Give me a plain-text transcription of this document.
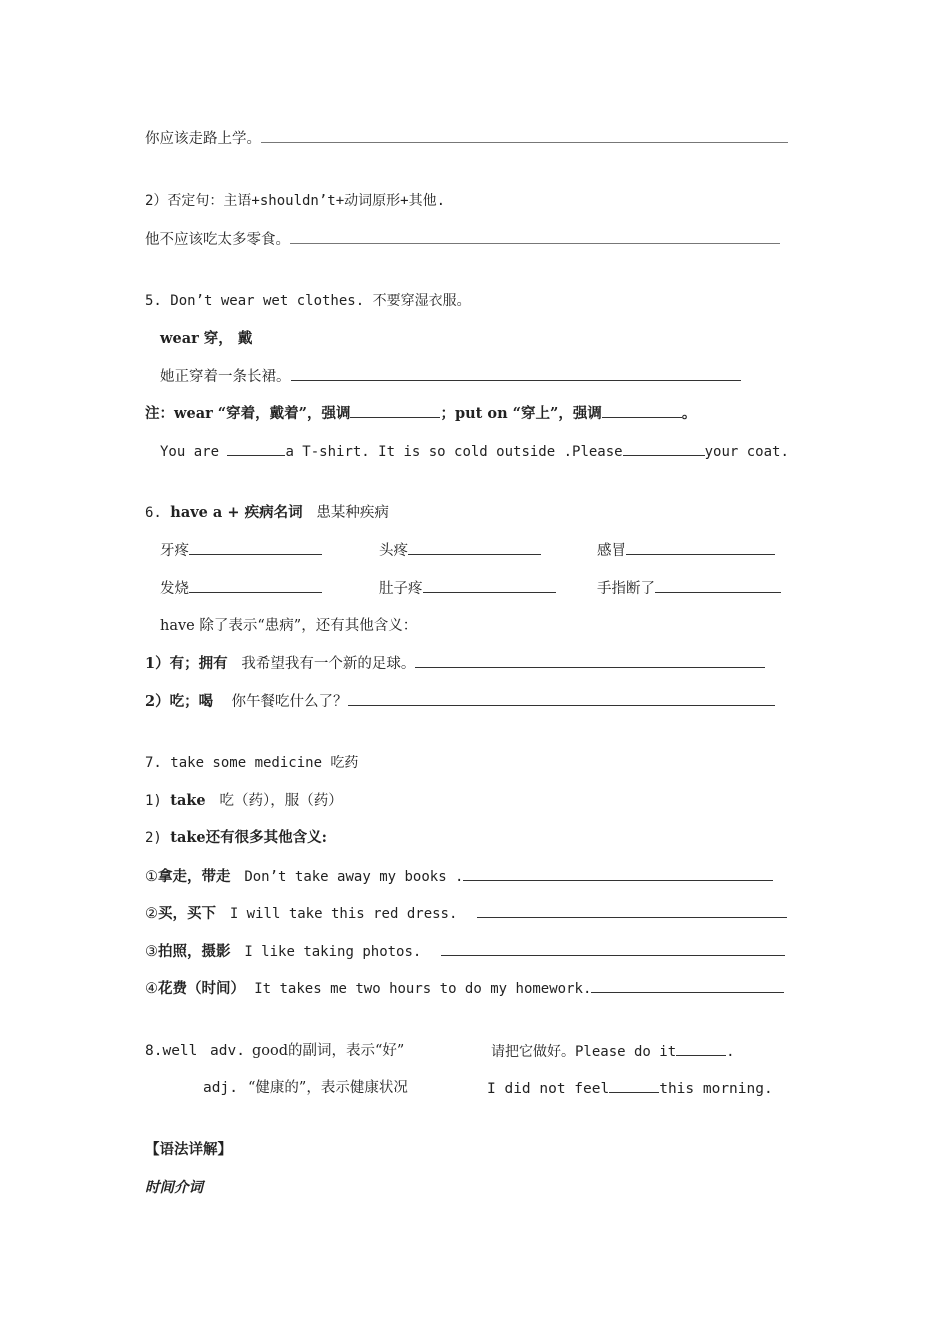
你应该走路上学。
2）否定句：主语+shouldn’t+动词原形+其他.
他不应该吃太多零食。
5. Don’t wear wet clothes. 不要穿湿衣服。
wear 穿， 戴
她正穿着一条长裙。
注：wear “穿着，戴着”，强调	；put on “穿上”，强调	。
You are	a T-shirt. It is so cold outside .Please	your coat.
6. have a + 疾病名词 患某种疾病
牙疼	头疼	感冒
发烧	肚子疼	手指断了
have 除了表示“患病”，还有其他含义：
1）有；拥有 我希望我有一个新的足球。
2）吃；喝 你午餐吃什么了？
7. take some medicine 吃药
1) take 吃（药），服（药）
2) take还有很多其他含义:
①拿走，带走 Don’t take away my books .
②买，买下 I will take this red dress.
③拍照，摄影 I like taking photos.
④花费（时间） It takes me two hours to do my homework.
8.well adv. good的副词，表示“好”	请把它做好。Please do it	.
adj. “健康的”，表示健康状况	I did not feel	this morning.
【语法详解】
时间介词
